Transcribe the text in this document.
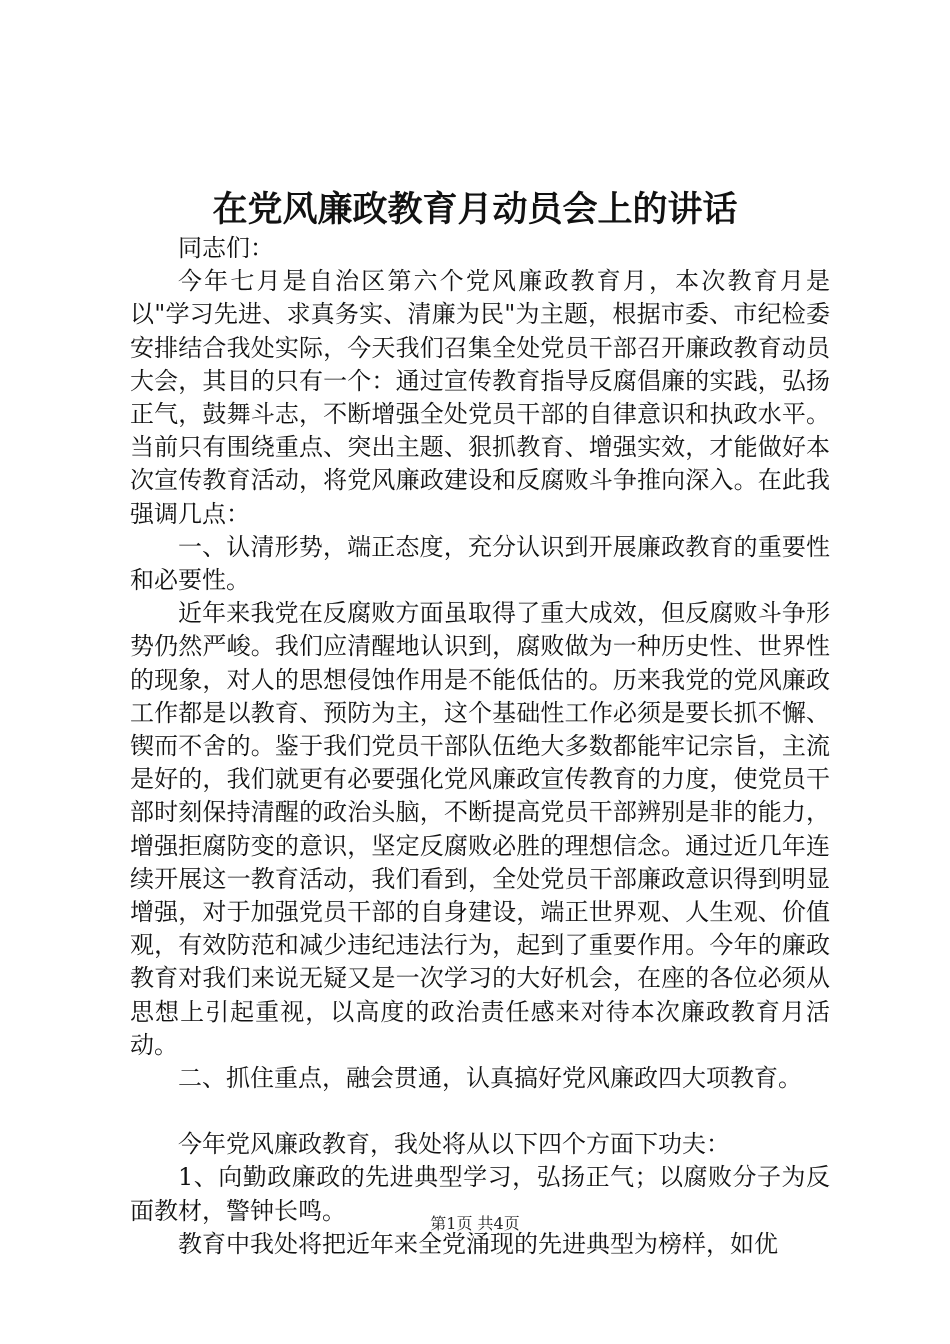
在党风廉政教育月动员会上的讲话

同志们：

今年七月是自治区第六个党风廉政教育月，本次教育月是以"学习先进、求真务实、清廉为民"为主题，根据市委、市纪检委安排结合我处实际，今天我们召集全处党员干部召开廉政教育动员大会，其目的只有一个：通过宣传教育指导反腐倡廉的实践，弘扬正气，鼓舞斗志，不断增强全处党员干部的自律意识和执政水平。当前只有围绕重点、突出主题、狠抓教育、增强实效，才能做好本次宣传教育活动，将党风廉政建设和反腐败斗争推向深入。在此我强调几点：

一、认清形势，端正态度，充分认识到开展廉政教育的重要性和必要性。

近年来我党在反腐败方面虽取得了重大成效，但反腐败斗争形势仍然严峻。我们应清醒地认识到，腐败做为一种历史性、世界性的现象，对人的思想侵蚀作用是不能低估的。历来我党的党风廉政工作都是以教育、预防为主，这个基础性工作必须是要长抓不懈、锲而不舍的。鉴于我们党员干部队伍绝大多数都能牢记宗旨，主流是好的，我们就更有必要强化党风廉政宣传教育的力度，使党员干部时刻保持清醒的政治头脑，不断提高党员干部辨别是非的能力，增强拒腐防变的意识，坚定反腐败必胜的理想信念。通过近几年连续开展这一教育活动，我们看到，全处党员干部廉政意识得到明显增强，对于加强党员干部的自身建设，端正世界观、人生观、价值观，有效防范和减少违纪违法行为，起到了重要作用。今年的廉政教育对我们来说无疑又是一次学习的大好机会，在座的各位必须从思想上引起重视，以高度的政治责任感来对待本次廉政教育月活动。

二、抓住重点，融会贯通，认真搞好党风廉政四大项教育。

今年党风廉政教育，我处将从以下四个方面下功夫：

1、向勤政廉政的先进典型学习，弘扬正气；以腐败分子为反面教材，警钟长鸣。

教育中我处将把近年来全党涌现的先进典型为榜样，如优

第1页 共4页
